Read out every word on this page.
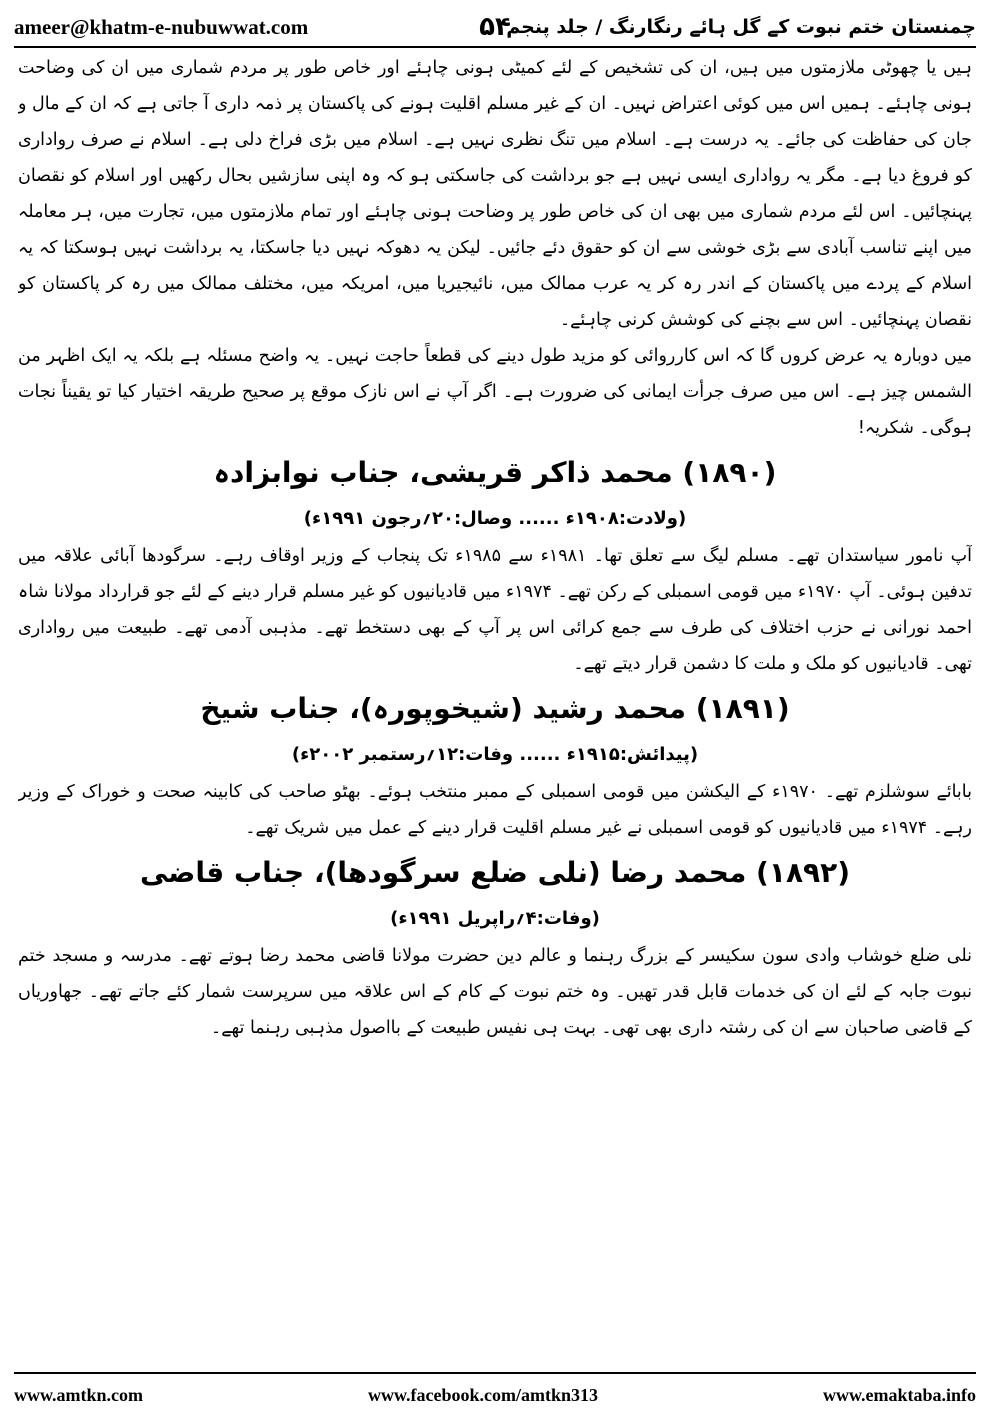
ameer@khatm-e-nubuwwat.com	۵۴
چمنستان ختم نبوت کے گل ہائے رنگارنگ / جلد پنجم

ہیں یا چھوٹی ملازمتوں میں ہیں، ان کی تشخیص کے لئے کمیٹی ہونی چاہئے اور خاص طور پر مردم شماری میں ان کی وضاحت ہونی چاہئے۔ ہمیں اس میں کوئی اعتراض نہیں۔ ان کے غیر مسلم اقلیت ہونے کی پاکستان پر ذمہ داری آ جاتی ہے کہ ان کے مال و جان کی حفاظت کی جائے۔ یہ درست ہے۔ اسلام میں تنگ نظری نہیں ہے۔ اسلام میں بڑی فراخ دلی ہے۔ اسلام نے صرف رواداری کو فروغ دیا ہے۔ مگر یہ رواداری ایسی نہیں ہے جو برداشت کی جاسکتی ہو کہ وہ اپنی سازشیں بحال رکھیں اور اسلام کو نقصان پہنچائیں۔ اس لئے مردم شماری میں بھی ان کی خاص طور پر وضاحت ہونی چاہئے اور تمام ملازمتوں میں، تجارت میں، ہر معاملہ میں اپنے تناسب آبادی سے بڑی خوشی سے ان کو حقوق دئے جائیں۔ لیکن یہ دھوکہ نہیں دیا جاسکتا، یہ برداشت نہیں ہوسکتا کہ یہ اسلام کے پردے میں پاکستان کے اندر رہ کر یہ عرب ممالک میں، نائیجیریا میں، امریکہ میں، مختلف ممالک میں رہ کر پاکستان کو نقصان پہنچائیں۔ اس سے بچنے کی کوشش کرنی چاہئے۔

میں دوبارہ یہ عرض کروں گا کہ اس کارروائی کو مزید طول دینے کی قطعاً حاجت نہیں۔ یہ واضح مسئلہ ہے بلکہ یہ ایک اظہر من الشمس چیز ہے۔ اس میں صرف جرأت ایمانی کی ضرورت ہے۔ اگر آپ نے اس نازک موقع پر صحیح طریقہ اختیار کیا تو یقیناً نجات ہوگی۔ شکریہ!

(۱۸۹۰) محمد ذاکر قریشی، جناب نوابزادہ

(ولادت:۱۹۰۸ء ...... وصال:۲۰؍رجون ۱۹۹۱ء)

آپ نامور سیاستدان تھے۔ مسلم لیگ سے تعلق تھا۔ ۱۹۸۱ء سے ۱۹۸۵ء تک پنجاب کے وزیر اوقاف رہے۔ سرگودھا آبائی علاقہ میں تدفین ہوئی۔ آپ ۱۹۷۰ء میں قومی اسمبلی کے رکن تھے۔ ۱۹۷۴ء میں قادیانیوں کو غیر مسلم قرار دینے کے لئے جو قرارداد مولانا شاہ احمد نورانی نے حزب اختلاف کی طرف سے جمع کرائی اس پر آپ کے بھی دستخط تھے۔ مذہبی آدمی تھے۔ طبیعت میں رواداری تھی۔ قادیانیوں کو ملک و ملت کا دشمن قرار دیتے تھے۔

(۱۸۹۱) محمد رشید (شیخوپورہ)، جناب شیخ

(پیدائش:۱۹۱۵ء ...... وفات:۱۲؍رستمبر ۲۰۰۲ء)

بابائے سوشلزم تھے۔ ۱۹۷۰ء کے الیکشن میں قومی اسمبلی کے ممبر منتخب ہوئے۔ بھٹو صاحب کی کابینہ صحت و خوراک کے وزیر رہے۔ ۱۹۷۴ء میں قادیانیوں کو قومی اسمبلی نے غیر مسلم اقلیت قرار دینے کے عمل میں شریک تھے۔

(۱۸۹۲) محمد رضا (نلی ضلع سرگودھا)، جناب قاضی

(وفات:۴؍راپریل ۱۹۹۱ء)

نلی ضلع خوشاب وادی سون سکیسر کے بزرگ رہنما و عالم دین حضرت مولانا قاضی محمد رضا ہوتے تھے۔ مدرسہ و مسجد ختم نبوت جابہ کے لئے ان کی خدمات قابل قدر تھیں۔ وہ ختم نبوت کے کام کے اس علاقہ میں سرپرست شمار کئے جاتے تھے۔ جھاوریاں کے قاضی صاحبان سے ان کی رشتہ داری بھی تھی۔ بہت ہی نفیس طبیعت کے بااصول مذہبی رہنما تھے۔

www.amtkn.com	www.facebook.com/amtkn313	www.emaktaba.info
